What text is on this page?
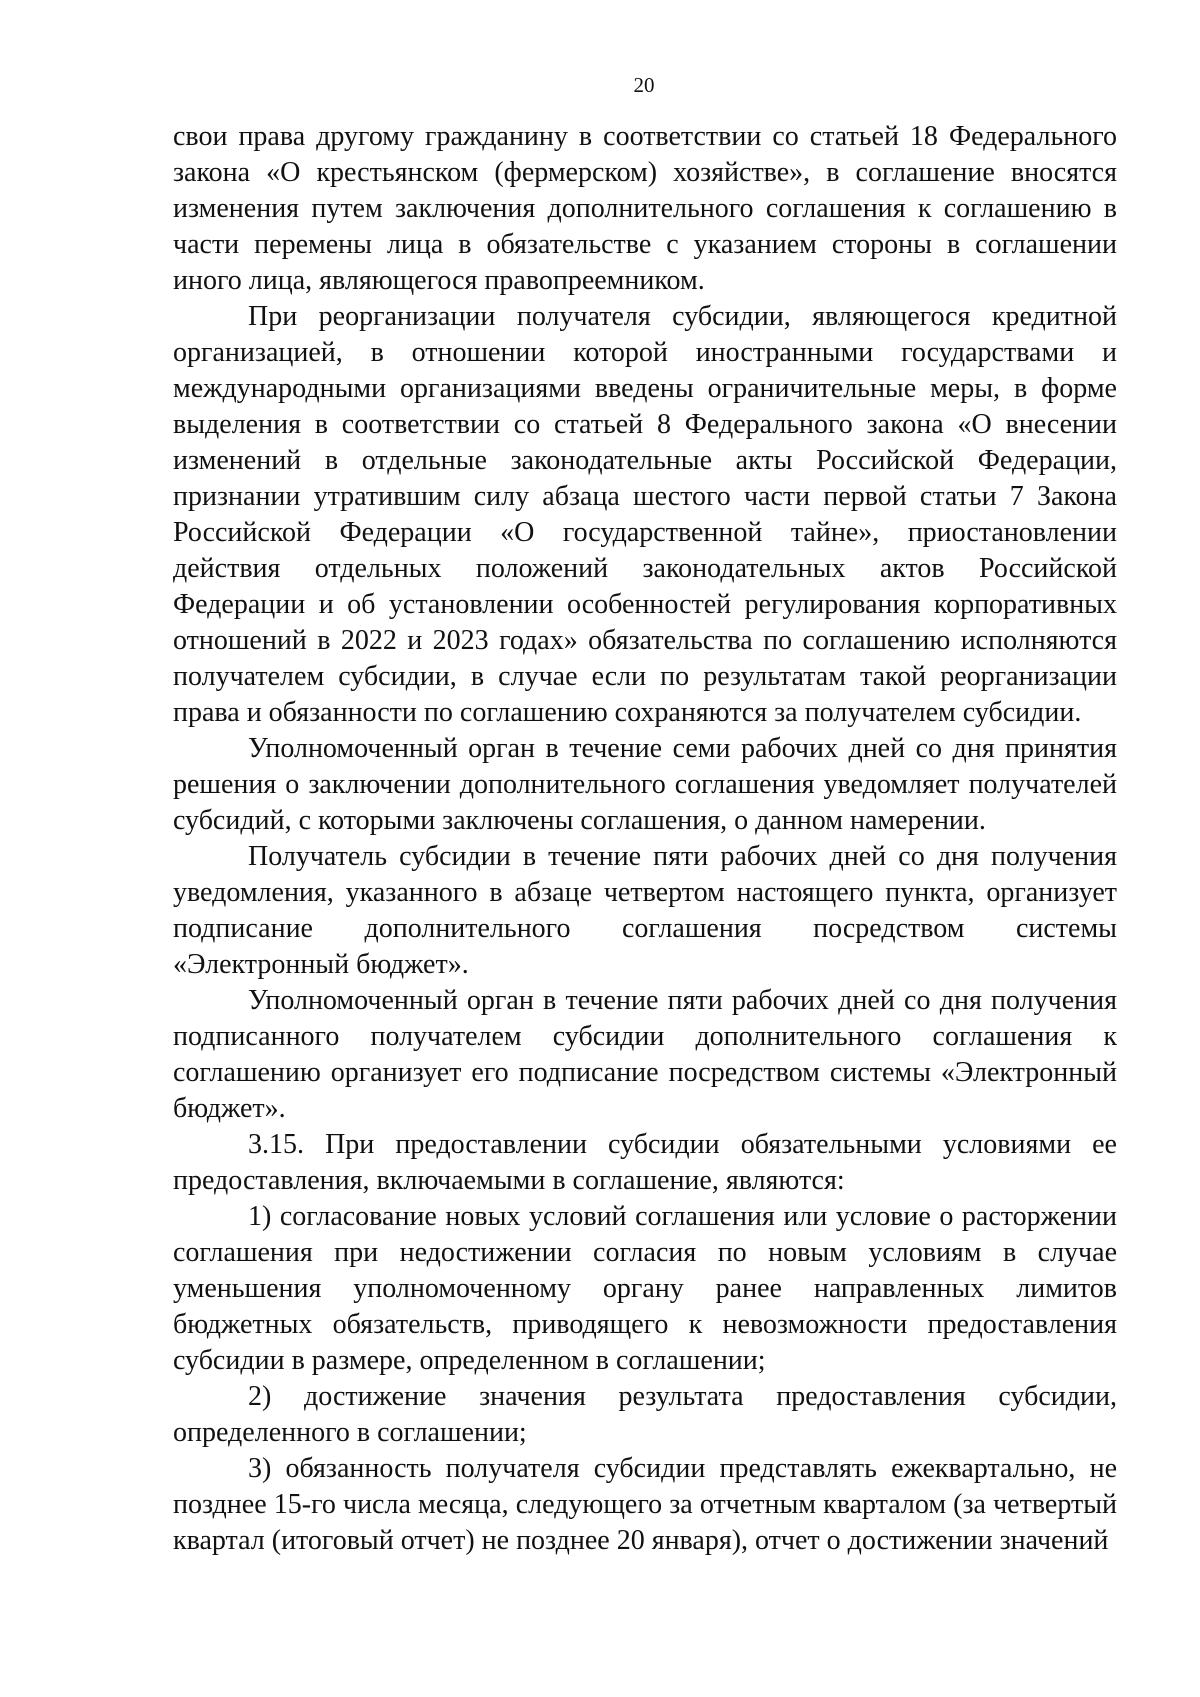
20

свои права другому гражданину в соответствии со статьей 18 Федерального закона «О крестьянском (фермерском) хозяйстве», в соглашение вносятся изменения путем заключения дополнительного соглашения к соглашению в части перемены лица в обязательстве с указанием стороны в соглашении иного лица, являющегося правопреемником.

При реорганизации получателя субсидии, являющегося кредитной организацией, в отношении которой иностранными государствами и международными организациями введены ограничительные меры, в форме выделения в соответствии со статьей 8 Федерального закона «О внесении изменений в отдельные законодательные акты Российской Федерации, признании утратившим силу абзаца шестого части первой статьи 7 Закона Российской Федерации «О государственной тайне», приостановлении действия отдельных положений законодательных актов Российской Федерации и об установлении особенностей регулирования корпоративных отношений в 2022 и 2023 годах» обязательства по соглашению исполняются получателем субсидии, в случае если по результатам такой реорганизации права и обязанности по соглашению сохраняются за получателем субсидии.

Уполномоченный орган в течение семи рабочих дней со дня принятия решения о заключении дополнительного соглашения уведомляет получателей субсидий, с которыми заключены соглашения, о данном намерении.

Получатель субсидии в течение пяти рабочих дней со дня получения уведомления, указанного в абзаце четвертом настоящего пункта, организует подписание дополнительного соглашения посредством системы «Электронный бюджет».

Уполномоченный орган в течение пяти рабочих дней со дня получения подписанного получателем субсидии дополнительного соглашения к соглашению организует его подписание посредством системы «Электронный бюджет».

3.15. При предоставлении субсидии обязательными условиями ее предоставления, включаемыми в соглашение, являются:

1) согласование новых условий соглашения или условие о расторжении соглашения при недостижении согласия по новым условиям в случае уменьшения уполномоченному органу ранее направленных лимитов бюджетных обязательств, приводящего к невозможности предоставления субсидии в размере, определенном в соглашении;

2) достижение значения результата предоставления субсидии, определенного в соглашении;

3) обязанность получателя субсидии представлять ежеквартально, не позднее 15-го числа месяца, следующего за отчетным кварталом (за четвертый квартал (итоговый отчет) не позднее 20 января), отчет о достижении значений
